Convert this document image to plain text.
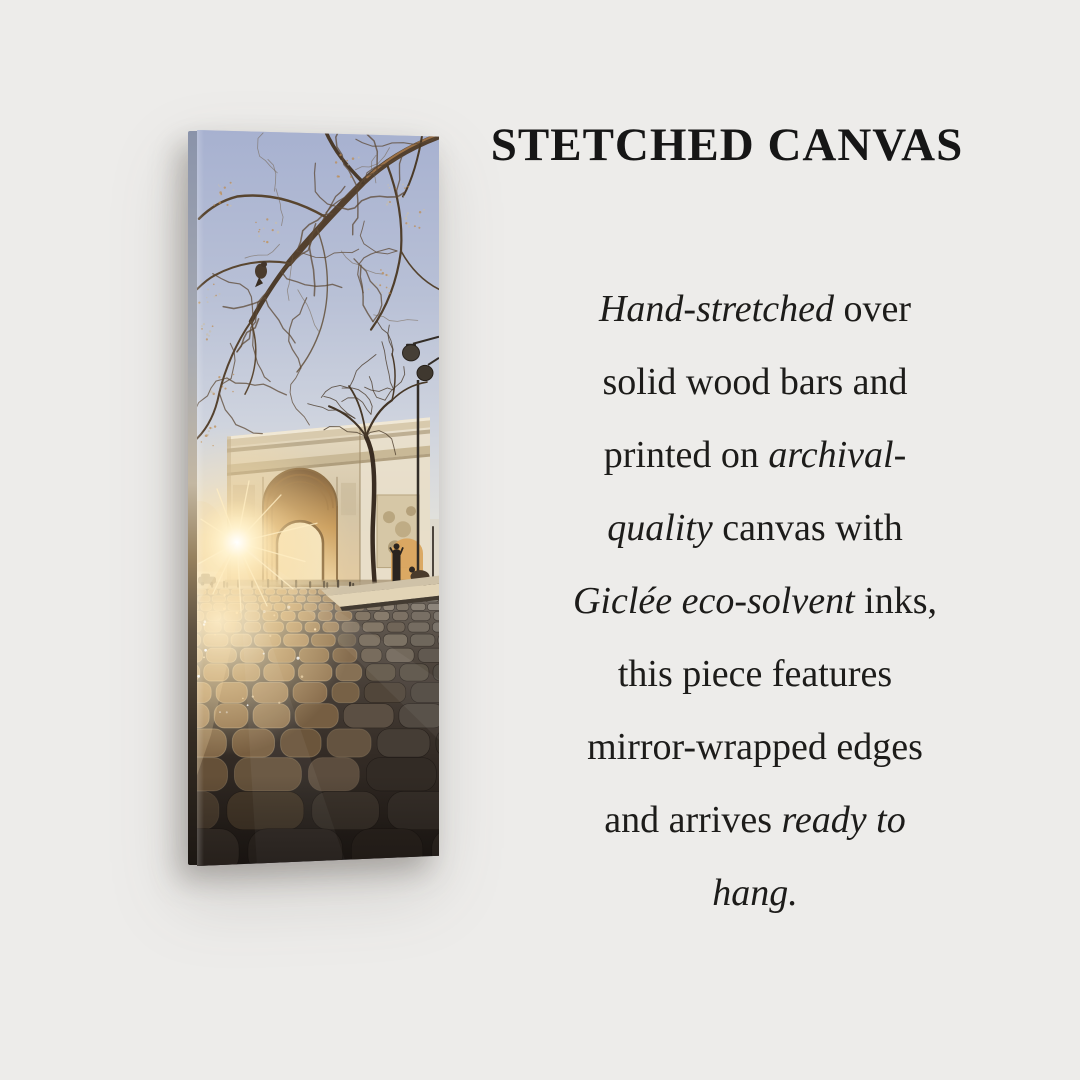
STETCHED CANVAS
Hand-stretched over
solid wood bars and
printed on archival-
quality canvas with
Giclée eco-solvent inks,
this piece features
mirror-wrapped edges
and arrives ready to
hang.
